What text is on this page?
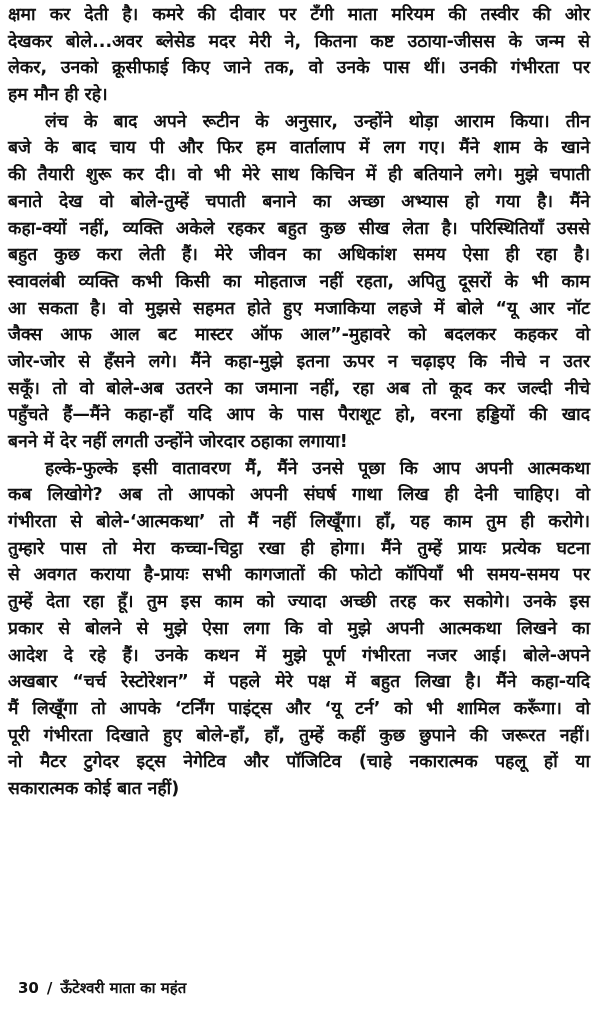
क्षमा कर देती है। कमरे की दीवार पर टँगी माता मरियम की तस्वीर की ओर
देखकर बोले...अवर ब्लेसेड मदर मेरी ने, कितना कष्ट उठाया-जीसस के जन्म से
लेकर, उनको क्रूसीफाई किए जाने तक, वो उनके पास थीं। उनकी गंभीरता पर
हम मौन ही रहे।
लंच के बाद अपने रूटीन के अनुसार, उन्होंने थोड़ा आराम किया। तीन
बजे के बाद चाय पी और फिर हम वार्तालाप में लग गए। मैंने शाम के खाने
की तैयारी शुरू कर दी। वो भी मेरे साथ किचिन में ही बतियाने लगे। मुझे चपाती
बनाते देख वो बोले-तुम्हें चपाती बनाने का अच्छा अभ्यास हो गया है। मैंने
कहा-क्यों नहीं, व्यक्ति अकेले रहकर बहुत कुछ सीख लेता है। परिस्थितियाँ उससे
बहुत कुछ करा लेती हैं। मेरे जीवन का अधिकांश समय ऐसा ही रहा है।
स्वावलंबी व्यक्ति कभी किसी का मोहताज नहीं रहता, अपितु दूसरों के भी काम
आ सकता है। वो मुझसे सहमत होते हुए मजाकिया लहजे में बोले “यू आर नॉट
जैक्स आफ आल बट मास्टर ऑफ आल”-मुहावरे को बदलकर कहकर वो
जोर-जोर से हँसने लगे। मैंने कहा-मुझे इतना ऊपर न चढ़ाइए कि नीचे न उतर
सकूँ। तो वो बोले-अब उतरने का जमाना नहीं, रहा अब तो कूद कर जल्दी नीचे
पहुँचते हैं—मैंने कहा-हाँ यदि आप के पास पैराशूट हो, वरना हड्डियों की खाद
बनने में देर नहीं लगती उन्होंने जोरदार ठहाका लगाया!
हल्के-फुल्के इसी वातावरण मैं, मैंने उनसे पूछा कि आप अपनी आत्मकथा
कब लिखोगे? अब तो आपको अपनी संघर्ष गाथा लिख ही देनी चाहिए। वो
गंभीरता से बोले-‘आत्मकथा’ तो मैं नहीं लिखूँगा। हाँ, यह काम तुम ही करोगे।
तुम्हारे पास तो मेरा कच्चा-चिट्ठा रखा ही होगा। मैंने तुम्हें प्रायः प्रत्येक घटना
से अवगत कराया है-प्रायः सभी कागजातों की फोटो कॉपियाँ भी समय-समय पर
तुम्हें देता रहा हूँ। तुम इस काम को ज्यादा अच्छी तरह कर सकोगे। उनके इस
प्रकार से बोलने से मुझे ऐसा लगा कि वो मुझे अपनी आत्मकथा लिखने का
आदेश दे रहे हैं। उनके कथन में मुझे पूर्ण गंभीरता नजर आई। बोले-अपने
अखबार “चर्च रेस्टोरेशन” में पहले मेरे पक्ष में बहुत लिखा है। मैंने कहा-यदि
मैं लिखूँगा तो आपके ‘टर्निंग पाइंट्स और ‘यू टर्न’ को भी शामिल करूँगा। वो
पूरी गंभीरता दिखाते हुए बोले-हाँ, हाँ, तुम्हें कहीं कुछ छुपाने की जरूरत नहीं।
नो मैटर टुगेदर इट्स नेगेटिव और पॉजिटिव (चाहे नकारात्मक पहलू हों या
सकारात्मक कोई बात नहीं)
30 / ऊँटेश्वरी माता का महंत
